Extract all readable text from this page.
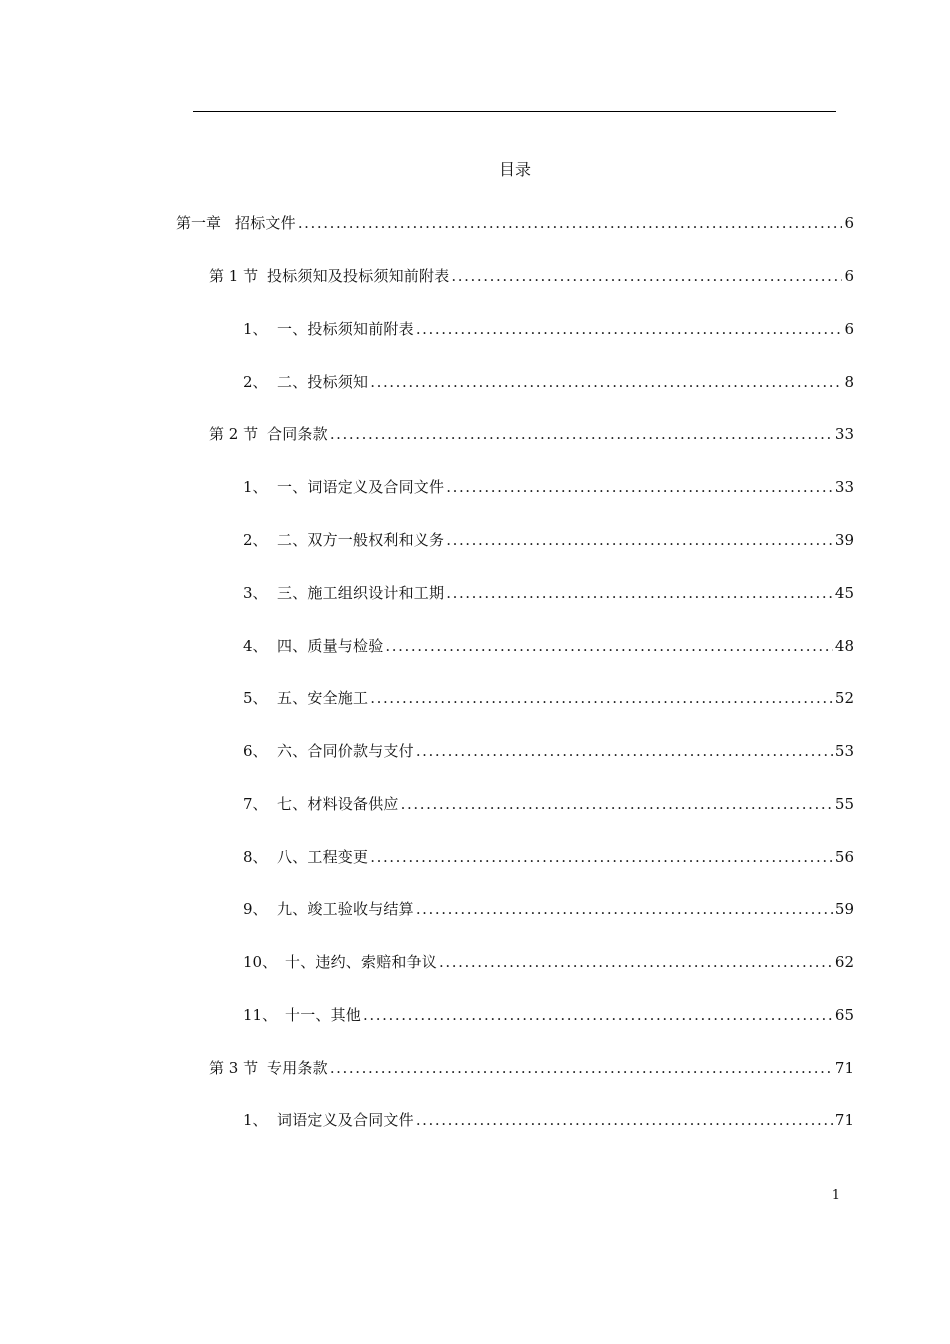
目录
第一章 招标文件 .....	6
第 1 节 投标须知及投标须知前附表 .....	6
1、 一、投标须知前附表 .....	6
2、 二、投标须知 .....	8
第 2 节 合同条款 .....	33
1、 一、词语定义及合同文件 .....	33
2、 二、双方一般权利和义务 .....	39
3、 三、施工组织设计和工期 .....	45
4、 四、质量与检验 .....	48
5、 五、安全施工 .....	52
6、 六、合同价款与支付 .....	53
7、 七、材料设备供应 .....	55
8、 八、工程变更 .....	56
9、 九、竣工验收与结算 .....	59
10、 十、违约、索赔和争议 .....	62
11、 十一、其他 .....	65
第 3 节 专用条款 .....	71
1、 词语定义及合同文件 .....	71
1
